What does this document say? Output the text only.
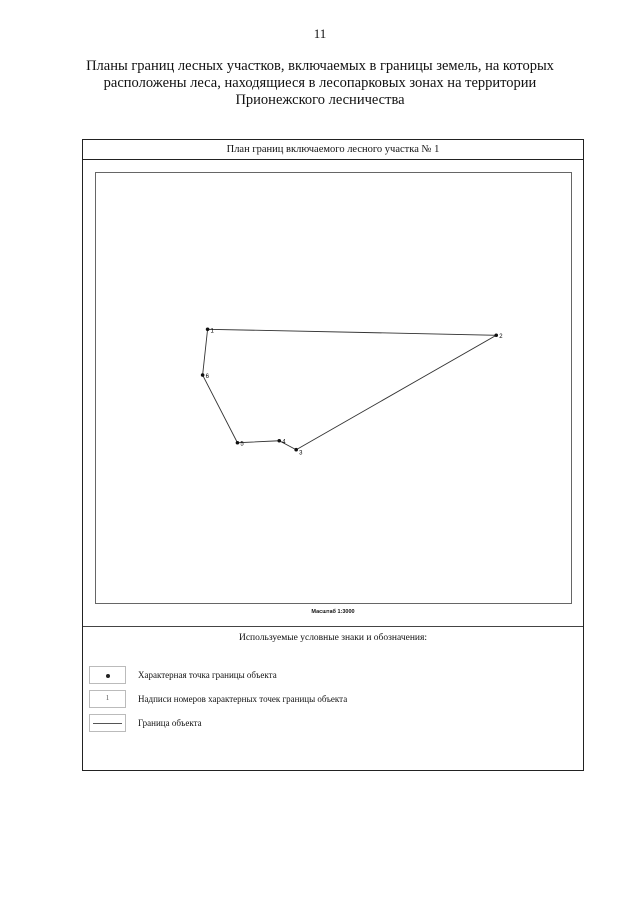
11
Планы границ лесных участков, включаемых в границы земель, на которых
расположены леса, находящиеся в лесопарковых зонах на территории
Прионежского лесничества
План границ включаемого лесного участка № 1
1
2
3
4
5
6
Масштаб 1:3000
Используемые условные знаки и обозначения:
Характерная точка границы объекта
1	Надписи номеров характерных точек границы объекта
Граница объекта
